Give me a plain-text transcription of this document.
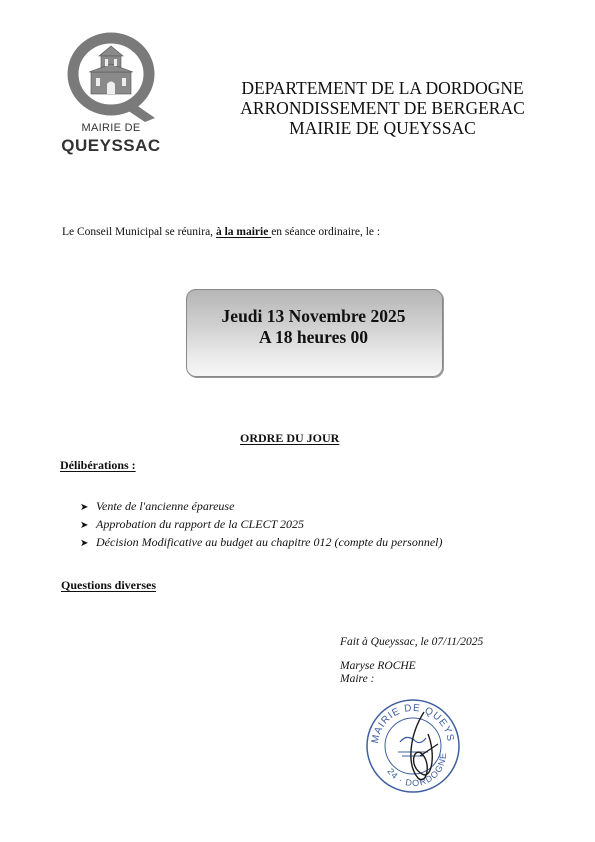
MAIRIE DE
QUEYSSAC
DEPARTEMENT DE LA DORDOGNE
ARRONDISSEMENT DE BERGERAC
MAIRIE DE QUEYSSAC
Le Conseil Municipal se réunira, à la mairie en séance ordinaire, le :
Jeudi 13 Novembre 2025
A 18 heures 00
ORDRE DU JOUR
Délibérations :
➤ Vente de l'ancienne épareuse
➤ Approbation du rapport de la CLECT 2025
➤ Décision Modificative au budget au chapitre 012 (compte du personnel)
Questions diverses
Fait à Queyssac, le 07/11/2025
Maryse ROCHE
Maire :
MAIRIE DE QUEYS
24 · DORDOGNE
